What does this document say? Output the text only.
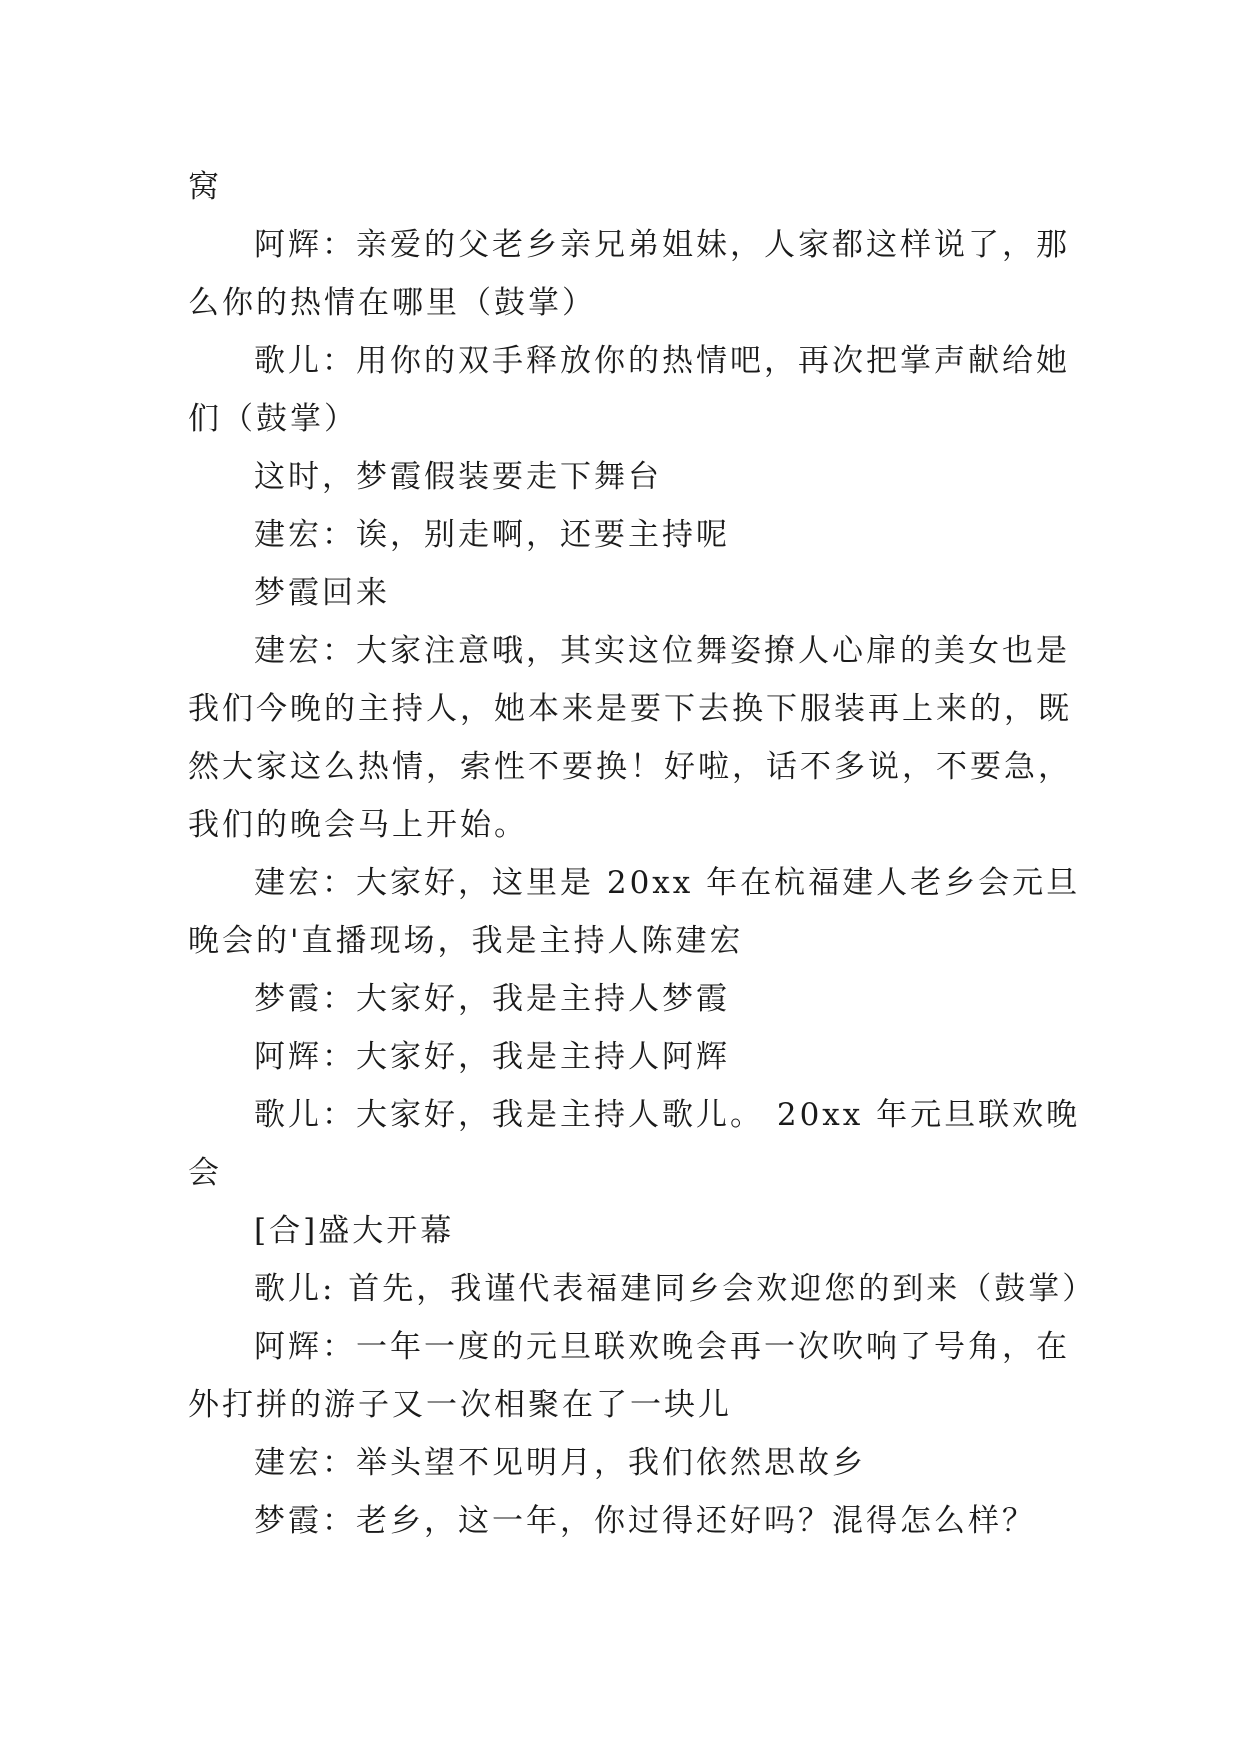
窝
阿辉：亲爱的父老乡亲兄弟姐妹，人家都这样说了，那
么你的热情在哪里（鼓掌）
歌儿：用你的双手释放你的热情吧，再次把掌声献给她
们（鼓掌）
这时，梦霞假装要走下舞台
建宏：诶，别走啊，还要主持呢
梦霞回来
建宏：大家注意哦，其实这位舞姿撩人心扉的美女也是
我们今晚的主持人，她本来是要下去换下服装再上来的，既
然大家这么热情，索性不要换！好啦，话不多说，不要急，
我们的晚会马上开始。
建宏：大家好，这里是 20xx 年在杭福建人老乡会元旦
晚会的'直播现场，我是主持人陈建宏
梦霞：大家好，我是主持人梦霞
阿辉：大家好，我是主持人阿辉
歌儿：大家好，我是主持人歌儿。 20xx 年元旦联欢晚
会
[合]盛大开幕
歌儿: 首先，我谨代表福建同乡会欢迎您的到来（鼓掌）
阿辉：一年一度的元旦联欢晚会再一次吹响了号角，在
外打拼的游子又一次相聚在了一块儿
建宏：举头望不见明月，我们依然思故乡
梦霞：老乡，这一年，你过得还好吗？混得怎么样？
